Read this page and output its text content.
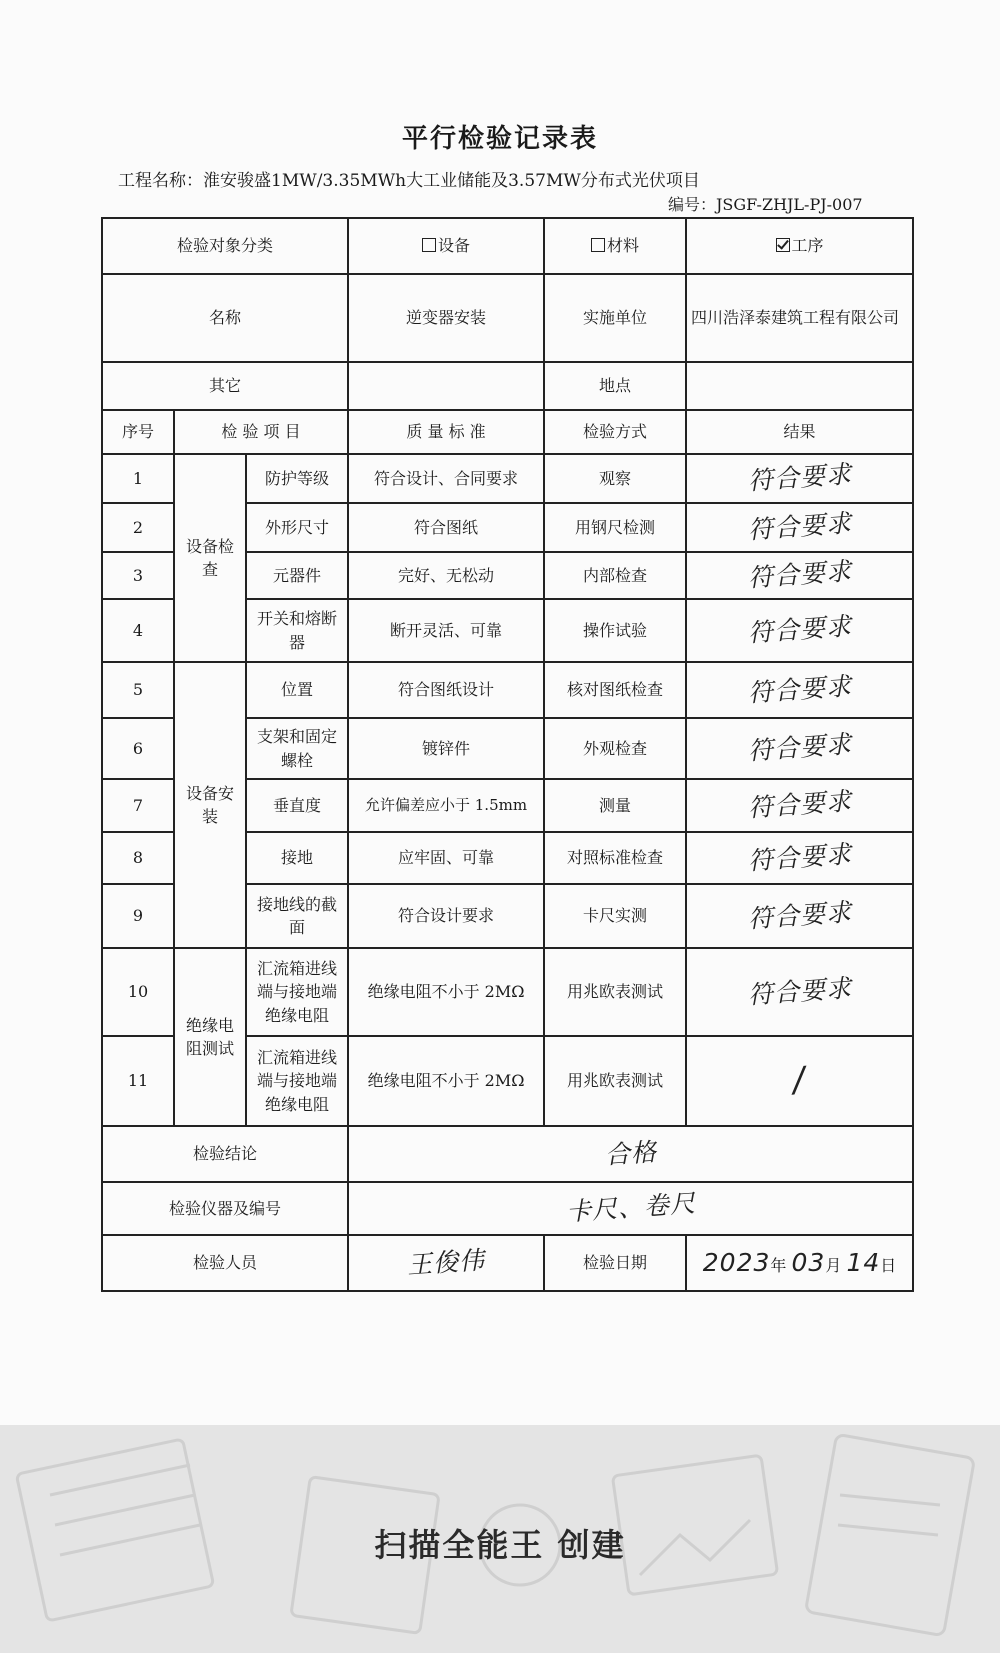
平行检验记录表
工程名称：淮安骏盛1MW/3.35MWh大工业储能及3.57MW分布式光伏项目
编号：JSGF-ZHJL-PJ-007
检验对象分类			设备	材料	工序
名称			逆变器安装	实施单位	四川浩泽泰建筑工程有限公司
其它				地点	
序号	检 验 项 目		质 量 标 准	检验方式	结果
1	设备检查	防护等级	符合设计、合同要求	观察	符合要求
2		外形尺寸	符合图纸	用钢尺检测	符合要求
3		元器件	完好、无松动	内部检查	符合要求
4		开关和熔断器	断开灵活、可靠	操作试验	符合要求
5	设备安装	位置	符合图纸设计	核对图纸检查	符合要求
6		支架和固定螺栓	镀锌件	外观检查	符合要求
7		垂直度	允许偏差应小于 1.5mm	测量	符合要求
8		接地	应牢固、可靠	对照标准检查	符合要求
9		接地线的截面	符合设计要求	卡尺实测	符合要求
10	绝缘电阻测试	汇流箱进线端与接地端绝缘电阻	绝缘电阻不小于 2MΩ	用兆欧表测试	符合要求
11		汇流箱进线端与接地端绝缘电阻	绝缘电阻不小于 2MΩ	用兆欧表测试	/
检验结论			合格		
检验仪器及编号			卡尺、卷尺		
检验人员			王俊伟	检验日期	2023年 03月 14日
扫描全能王 创建
